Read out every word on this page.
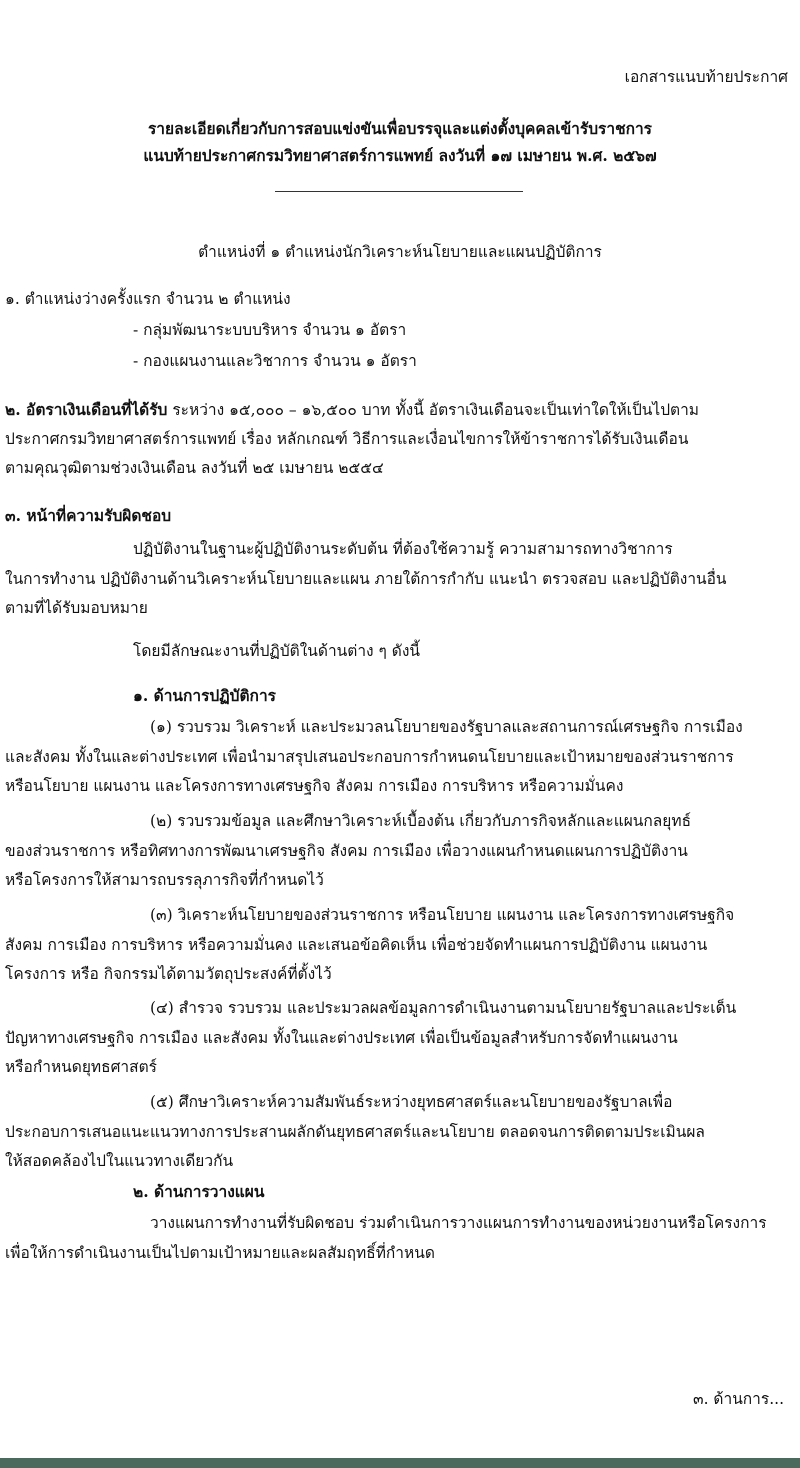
เอกสารแนบท้ายประกาศ
รายละเอียดเกี่ยวกับการสอบแข่งขันเพื่อบรรจุและแต่งตั้งบุคคลเข้ารับราชการ
แนบท้ายประกาศกรมวิทยาศาสตร์การแพทย์ ลงวันที่ ๑๗ เมษายน พ.ศ. ๒๕๖๗
ตำแหน่งที่ ๑ ตำแหน่งนักวิเคราะห์นโยบายและแผนปฏิบัติการ
๑. ตำแหน่งว่างครั้งแรก จำนวน ๒ ตำแหน่ง
- กลุ่มพัฒนาระบบบริหาร จำนวน ๑ อัตรา
- กองแผนงานและวิชาการ จำนวน ๑ อัตรา
๒. อัตราเงินเดือนที่ได้รับ ระหว่าง ๑๕,๐๐๐ – ๑๖,๕๐๐ บาท ทั้งนี้ อัตราเงินเดือนจะเป็นเท่าใดให้เป็นไปตาม
ประกาศกรมวิทยาศาสตร์การแพทย์ เรื่อง หลักเกณฑ์ วิธีการและเงื่อนไขการให้ข้าราชการได้รับเงินเดือน
ตามคุณวุฒิตามช่วงเงินเดือน ลงวันที่ ๒๕ เมษายน ๒๕๕๔
๓. หน้าที่ความรับผิดชอบ
ปฏิบัติงานในฐานะผู้ปฏิบัติงานระดับต้น ที่ต้องใช้ความรู้ ความสามารถทางวิชาการ
ในการทำงาน ปฏิบัติงานด้านวิเคราะห์นโยบายและแผน ภายใต้การกำกับ แนะนำ ตรวจสอบ และปฏิบัติงานอื่น
ตามที่ได้รับมอบหมาย
โดยมีลักษณะงานที่ปฏิบัติในด้านต่าง ๆ ดังนี้
๑. ด้านการปฏิบัติการ
(๑) รวบรวม วิเคราะห์ และประมวลนโยบายของรัฐบาลและสถานการณ์เศรษฐกิจ การเมือง
และสังคม ทั้งในและต่างประเทศ เพื่อนำมาสรุปเสนอประกอบการกำหนดนโยบายและเป้าหมายของส่วนราชการ
หรือนโยบาย แผนงาน และโครงการทางเศรษฐกิจ สังคม การเมือง การบริหาร หรือความมั่นคง
(๒) รวบรวมข้อมูล และศึกษาวิเคราะห์เบื้องต้น เกี่ยวกับภารกิจหลักและแผนกลยุทธ์
ของส่วนราชการ หรือทิศทางการพัฒนาเศรษฐกิจ สังคม การเมือง เพื่อวางแผนกำหนดแผนการปฏิบัติงาน
หรือโครงการให้สามารถบรรลุภารกิจที่กำหนดไว้
(๓) วิเคราะห์นโยบายของส่วนราชการ หรือนโยบาย แผนงาน และโครงการทางเศรษฐกิจ
สังคม การเมือง การบริหาร หรือความมั่นคง และเสนอข้อคิดเห็น เพื่อช่วยจัดทำแผนการปฏิบัติงาน แผนงาน
โครงการ หรือ กิจกรรมได้ตามวัตถุประสงค์ที่ตั้งไว้
(๔) สำรวจ รวบรวม และประมวลผลข้อมูลการดำเนินงานตามนโยบายรัฐบาลและประเด็น
ปัญหาทางเศรษฐกิจ การเมือง และสังคม ทั้งในและต่างประเทศ เพื่อเป็นข้อมูลสำหรับการจัดทำแผนงาน
หรือกำหนดยุทธศาสตร์
(๕) ศึกษาวิเคราะห์ความสัมพันธ์ระหว่างยุทธศาสตร์และนโยบายของรัฐบาลเพื่อ
ประกอบการเสนอแนะแนวทางการประสานผลักดันยุทธศาสตร์และนโยบาย ตลอดจนการติดตามประเมินผล
ให้สอดคล้องไปในแนวทางเดียวกัน
๒. ด้านการวางแผน
วางแผนการทำงานที่รับผิดชอบ ร่วมดำเนินการวางแผนการทำงานของหน่วยงานหรือโครงการ
เพื่อให้การดำเนินงานเป็นไปตามเป้าหมายและผลสัมฤทธิ์ที่กำหนด
๓. ด้านการ...
